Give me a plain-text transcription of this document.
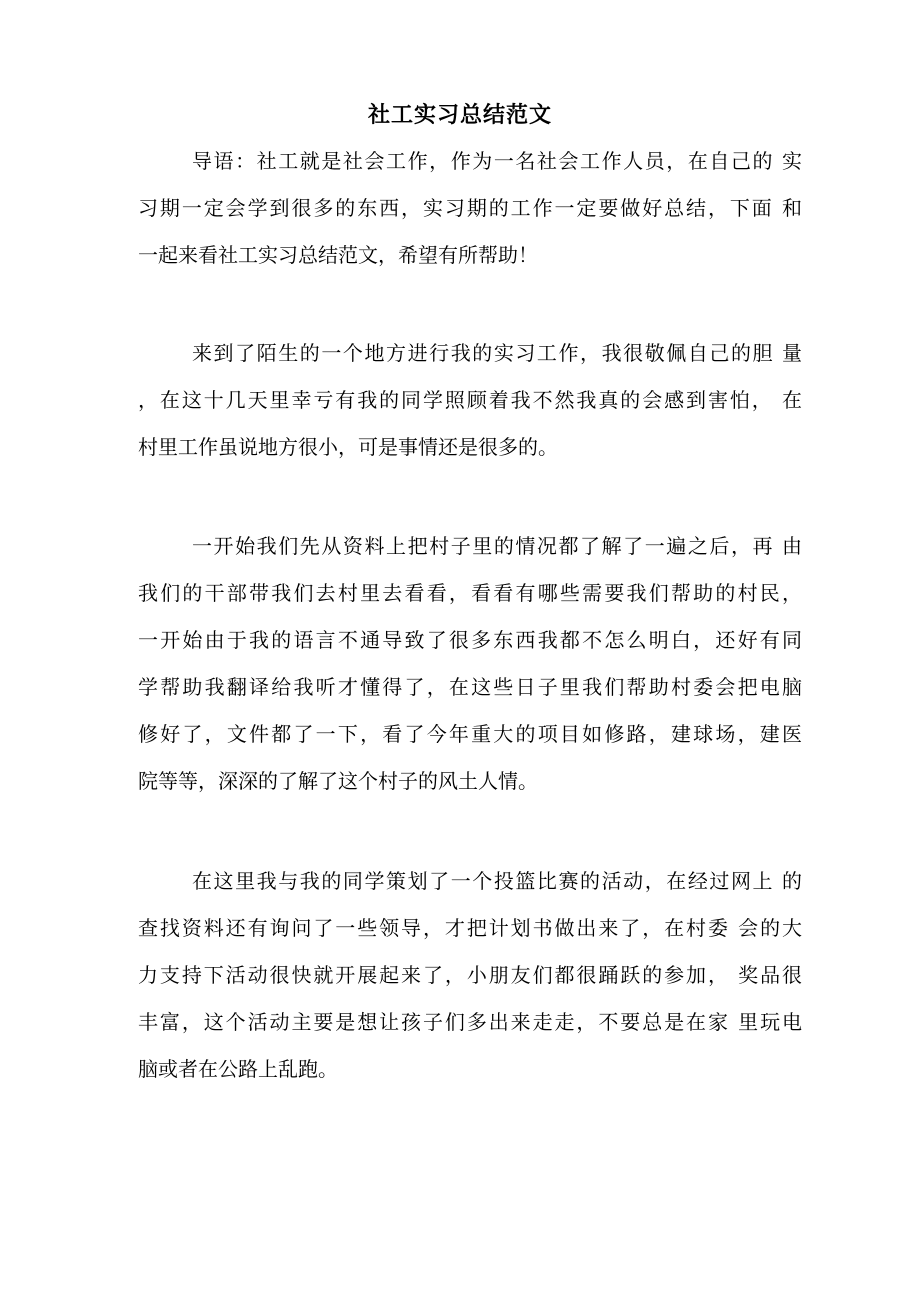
社工实习总结范文
导语：社工就是社会工作，作为一名社会工作人员，在自己的 实
习期一定会学到很多的东西，实习期的工作一定要做好总结，下面 和
一起来看社工实习总结范文，希望有所帮助！
来到了陌生的一个地方进行我的实习工作，我很敬佩自己的胆 量
，在这十几天里幸亏有我的同学照顾着我不然我真的会感到害怕， 在
村里工作虽说地方很小，可是事情还是很多的。
一开始我们先从资料上把村子里的情况都了解了一遍之后，再 由
我们的干部带我们去村里去看看，看看有哪些需要我们帮助的村民，
一开始由于我的语言不通导致了很多东西我都不怎么明白，还好有同
学帮助我翻译给我听才懂得了，在这些日子里我们帮助村委会把电脑
修好了，文件都了一下，看了今年重大的项目如修路，建球场，建医
院等等，深深的了解了这个村子的风土人情。
在这里我与我的同学策划了一个投篮比赛的活动，在经过网上 的
查找资料还有询问了一些领导，才把计划书做出来了，在村委 会的大
力支持下活动很快就开展起来了，小朋友们都很踊跃的参加， 奖品很
丰富，这个活动主要是想让孩子们多出来走走，不要总是在家 里玩电
脑或者在公路上乱跑。
